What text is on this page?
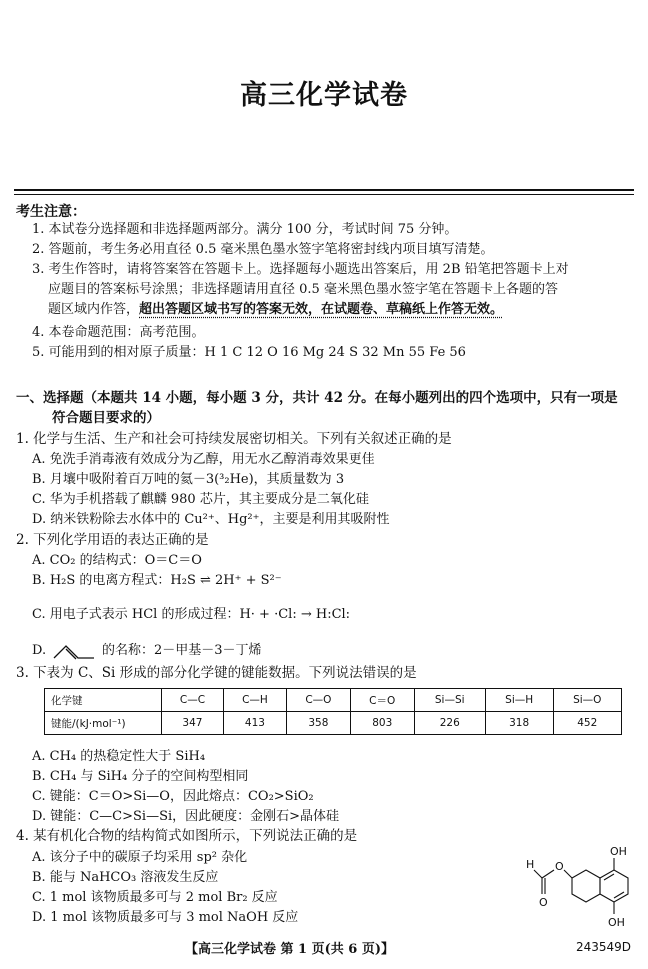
高三化学试卷
考生注意：
1. 本试卷分选择题和非选择题两部分。满分 100 分，考试时间 75 分钟。
2. 答题前，考生务必用直径 0.5 毫米黑色墨水签字笔将密封线内项目填写清楚。
3. 考生作答时，请将答案答在答题卡上。选择题每小题选出答案后，用 2B 铅笔把答题卡上对
应题目的答案标号涂黑；非选择题请用直径 0.5 毫米黑色墨水签字笔在答题卡上各题的答
题区域内作答，超出答题区域书写的答案无效，在试题卷、草稿纸上作答无效。
4. 本卷命题范围：高考范围。
5. 可能用到的相对原子质量：H 1 C 12 O 16 Mg 24 S 32 Mn 55 Fe 56
一、选择题（本题共 14 小题，每小题 3 分，共计 42 分。在每小题列出的四个选项中，只有一项是
符合题目要求的）
1. 化学与生活、生产和社会可持续发展密切相关。下列有关叙述正确的是
A. 免洗手消毒液有效成分为乙醇，用无水乙醇消毒效果更佳
B. 月壤中吸附着百万吨的氦－3(³₂He)，其质量数为 3
C. 华为手机搭载了麒麟 980 芯片，其主要成分是二氧化硅
D. 纳米铁粉除去水体中的 Cu²⁺、Hg²⁺，主要是利用其吸附性
2. 下列化学用语的表达正确的是
A. CO₂ 的结构式：O＝C＝O
B. H₂S 的电离方程式：H₂S ⇌ 2H⁺ + S²⁻
C. 用电子式表示 HCl 的形成过程：H· + ·Cl: → H:Cl:
D.	的名称：2－甲基－3－丁烯
3. 下表为 C、Si 形成的部分化学键的键能数据。下列说法错误的是
化学键	C—C	C—H	C—O	C＝O	Si—Si	Si—H	Si—O
键能/(kJ·mol⁻¹)	347	413	358	803	226	318	452
A. CH₄ 的热稳定性大于 SiH₄
B. CH₄ 与 SiH₄ 分子的空间构型相同
C. 键能：C＝O>Si—O，因此熔点：CO₂>SiO₂
D. 键能：C—C>Si—Si，因此硬度：金刚石>晶体硅
4. 某有机化合物的结构简式如图所示，下列说法正确的是
A. 该分子中的碳原子均采用 sp² 杂化
B. 能与 NaHCO₃ 溶液发生反应
C. 1 mol 该物质最多可与 2 mol Br₂ 反应
D. 1 mol 该物质最多可与 3 mol NaOH 反应
H
O
O
OH
OH
【高三化学试卷 第 1 页(共 6 页)】	243549D
